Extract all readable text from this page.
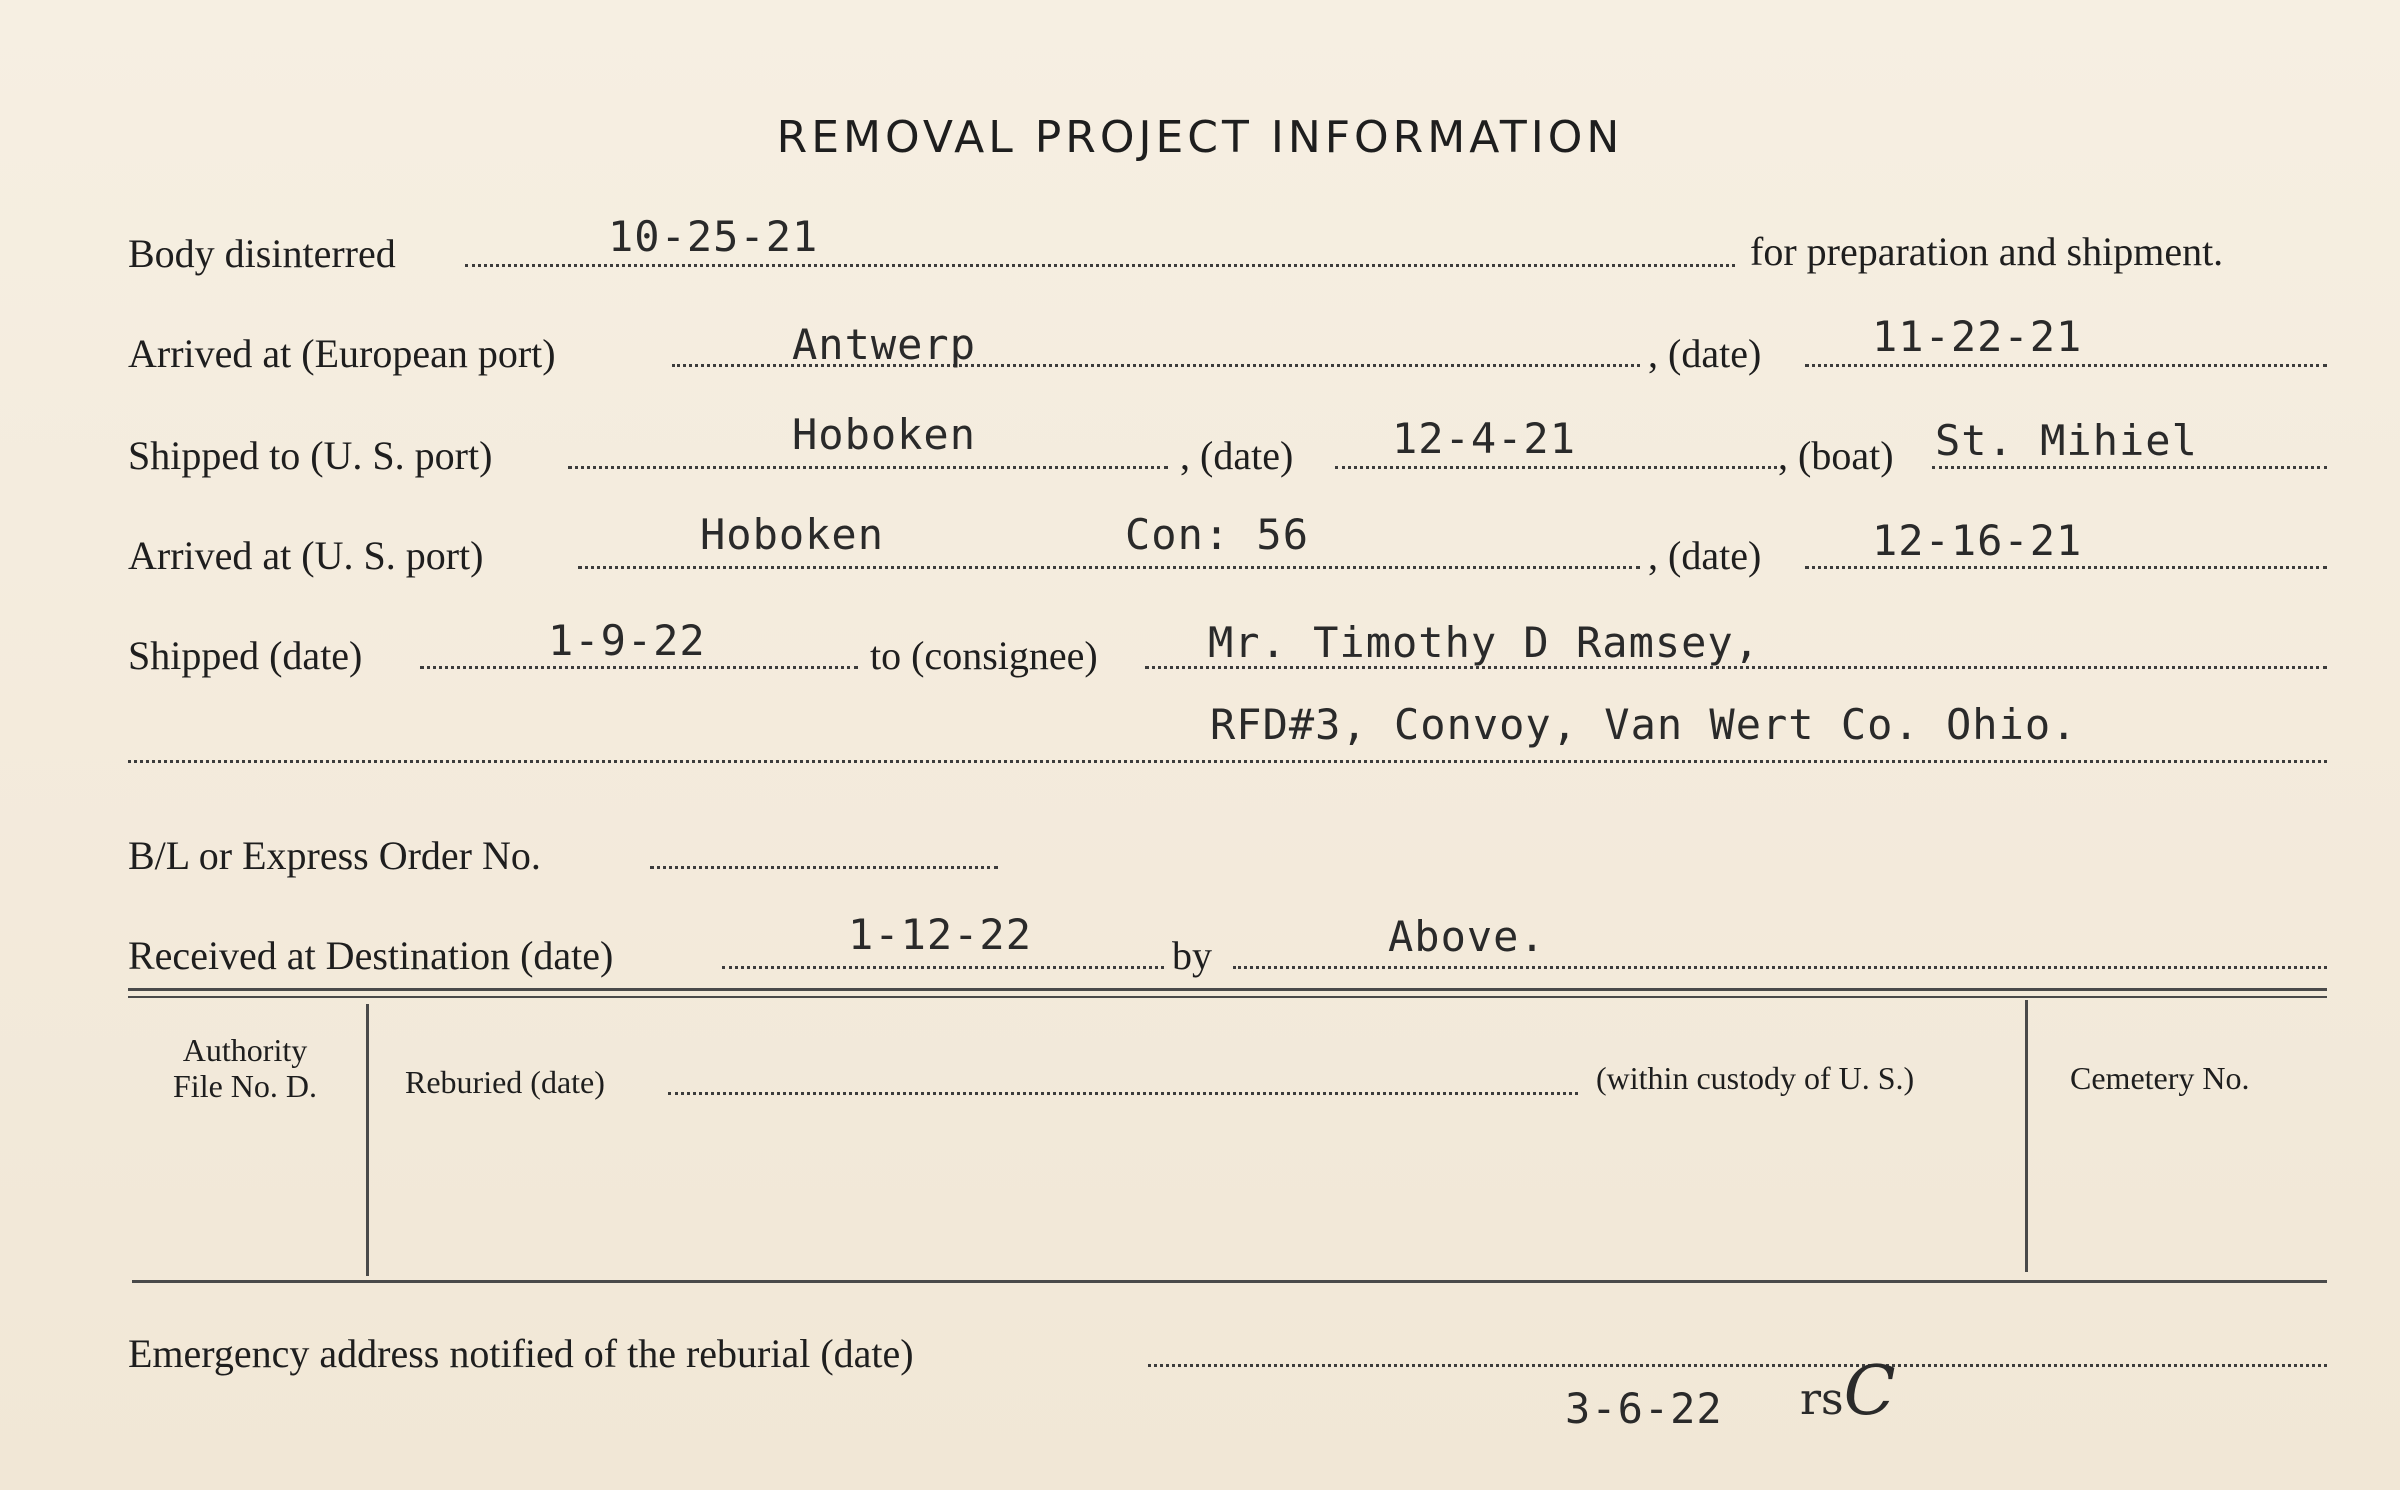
REMOVAL PROJECT INFORMATION
Body disinterred	10-25-21	for preparation and shipment.
Arrived at (European port)	Antwerp	, (date)	11-22-21
Shipped to (U. S. port)	Hoboken	, (date) 12-4-21	, (boat) St. Mihiel
Arrived at (U. S. port)	Hoboken	Con: 56	, (date)	12-16-21
Shipped (date)	1-9-22	to (consignee)	Mr. Timothy D Ramsey,
RFD#3, Convoy, Van Wert Co. Ohio.
B/L or Express Order No.
Received at Destination (date)	1-12-22	by	Above.
Authority
File No. D.	Reburied (date)	(within custody of U. S.)	Cemetery No.
Emergency address notified of the reburial (date)
3-6-22 rsC
